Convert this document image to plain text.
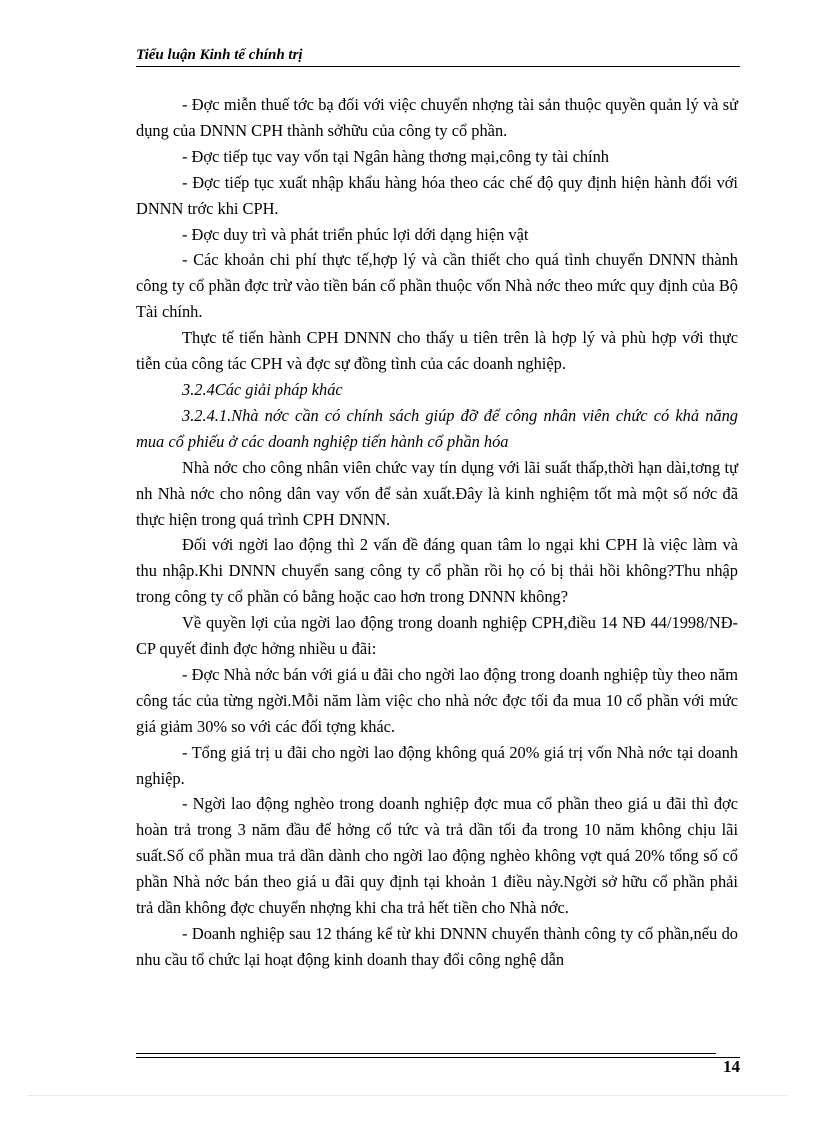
Tiểu luận Kinh tế chính trị

- Đợc miễn thuế tớc bạ đối với việc chuyển nhợng tài sản thuộc quyền quản lý và sử dụng của DNNN CPH thành sởhữu của công ty cổ phần.

- Đợc tiếp tục vay vốn tại Ngân hàng thơng mại,công ty tài chính

- Đợc tiếp tục xuất nhập khẩu hàng hóa theo các chế độ quy định hiện hành đối với DNNN trớc khi CPH.

- Đợc duy trì và phát triển phúc lợi dới dạng hiện vật

- Các khoản chi phí thực tế,hợp lý và cần thiết cho quá tình chuyển DNNN thành công ty cổ phần đợc trừ vào tiền bán cổ phần thuộc vốn Nhà nớc theo mức quy định của Bộ Tài chính.

Thực tế tiến hành CPH DNNN cho thấy u tiên trên là hợp lý và phù hợp với thực tiễn của công tác CPH và đợc sự đồng tình của các doanh nghiệp.

3.2.4Các giải pháp khác

3.2.4.1.Nhà nớc cần có chính sách giúp đỡ để công nhân viên chức có khả năng mua cổ phiếu ở các doanh nghiệp tiến hành cổ phần hóa

Nhà nớc cho công nhân viên chức vay tín dụng với lãi suất thấp,thời hạn dài,tơng tự nh Nhà nớc cho nông dân vay vốn để sản xuất.Đây là kinh nghiệm tốt mà một số nớc đã thực hiện trong quá trình CPH DNNN.

Đối với ngời lao động thì 2 vấn đề đáng quan tâm lo ngại khi CPH là việc làm và thu nhập.Khi DNNN chuyển sang công ty cổ phần rồi họ có bị thải hồi không?Thu nhập trong công ty cổ phần có bằng hoặc cao hơn trong DNNN không?

Về quyền lợi của ngời lao động trong doanh nghiệp CPH,điều 14 NĐ 44/1998/NĐ-CP quyết đinh đợc hởng nhiều u đãi:

- Đợc Nhà nớc bán với giá u đãi cho ngời lao động trong doanh nghiệp tùy theo năm công tác của từng ngời.Mỗi năm làm việc cho nhà nớc đợc tối đa mua 10 cổ phần với mức giá giảm 30% so với các đối tợng khác.

- Tổng giá trị u đãi cho ngời lao động không quá 20% giá trị vốn Nhà nớc tại doanh nghiệp.

- Ngời lao động nghèo trong doanh nghiệp đợc mua cổ phần theo giá u đãi thì đợc hoàn trả trong 3 năm đầu để hởng cổ tức và trả dần tối đa trong 10 năm không chịu lãi suất.Số cổ phần mua trả dần dành cho ngời lao động nghèo không vợt quá 20% tổng số cổ phần Nhà nớc bán theo giá u đãi quy định tại khoản 1 điều này.Ngời sở hữu cổ phần phải trả dần không đợc chuyển nhợng khi cha trả hết tiền cho Nhà nớc.

- Doanh nghiệp sau 12 tháng kể từ khi DNNN chuyển thành công ty cổ phần,nếu do nhu cầu tổ chức lại hoạt động kinh doanh thay đổi công nghệ dẫn

14
